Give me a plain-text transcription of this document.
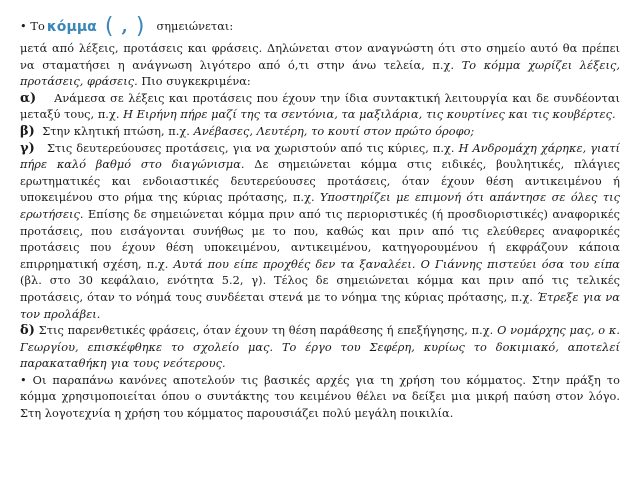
•
Το κόμμα ( , ) σημειώνεται:

μετά από λέξεις, προτάσεις και φράσεις. Δηλώνεται στον αναγνώστη ότι στο σημείο αυτό θα πρέπει να σταματήσει η ανάγνωση λιγότερο από ό,τι στην άνω τελεία, π.χ. Το κόμμα χωρίζει λέξεις, προτάσεις, φράσεις. Πιο συγκεκριμένα:

α) Ανάμεσα σε λέξεις και προτάσεις που έχουν την ίδια συντακτική λειτουργία και δε συνδέονται μεταξύ τους, π.χ. Η Ειρήνη πήρε μαζί της τα σεντόνια, τα μαξιλάρια, τις κουρτίνες και τις κουβέρτες.

β) Στην κλητική πτώση, π.χ. Ανέβασες, Λευτέρη, το κουτί στον πρώτο όροφο;

γ) Στις δευτερεύουσες προτάσεις, για να χωριστούν από τις κύριες, π.χ. Η Ανδρομάχη χάρηκε, γιατί πήρε καλό βαθμό στο διαγώνισμα. Δε σημειώνεται κόμμα στις ειδικές, βουλητικές, πλάγιες ερωτηματικές και ενδοιαστικές δευτερεύουσες προτάσεις, όταν έχουν θέση αντικειμένου ή υποκειμένου στο ρήμα της κύριας πρότασης, π.χ. Υποστηρίζει με επιμονή ότι απάντησε σε όλες τις ερωτήσεις. Επίσης δε σημειώνεται κόμμα πριν από τις περιοριστικές (ή προσδιοριστικές) αναφορικές προτάσεις, που εισάγονται συνήθως με το που, καθώς και πριν από τις ελεύθερες αναφορικές προτάσεις που έχουν θέση υποκειμένου, αντικειμένου, κατηγορουμένου ή εκφράζουν κάποια επιρρηματική σχέση, π.χ. Αυτά που είπε προχθές δεν τα ξαναλέει. Ο Γιάννης πιστεύει όσα του είπα (βλ. στο 30 κεφάλαιο, ενότητα 5.2, γ). Τέλος δε σημειώνεται κόμμα και πριν από τις τελικές προτάσεις, όταν το νόημά τους συνδέεται στενά με το νόημα της κύριας πρότασης, π.χ. Έτρεξε για να τον προλάβει.

δ) Στις παρενθετικές φράσεις, όταν έχουν τη θέση παράθεσης ή επεξήγησης, π.χ. Ο νομάρχης μας, ο κ. Γεωργίου, επισκέφθηκε το σχολείο μας. Το έργο του Σεφέρη, κυρίως το δοκιμιακό, αποτελεί παρακαταθήκη για τους νεότερους.

• Οι παραπάνω κανόνες αποτελούν τις βασικές αρχές για τη χρήση του κόμματος. Στην πράξη το κόμμα χρησιμοποιείται όπου ο συντάκτης του κειμένου θέλει να δείξει μια μικρή παύση στον λόγο. Στη λογοτεχνία η χρήση του κόμματος παρουσιάζει πολύ μεγάλη ποικιλία.
